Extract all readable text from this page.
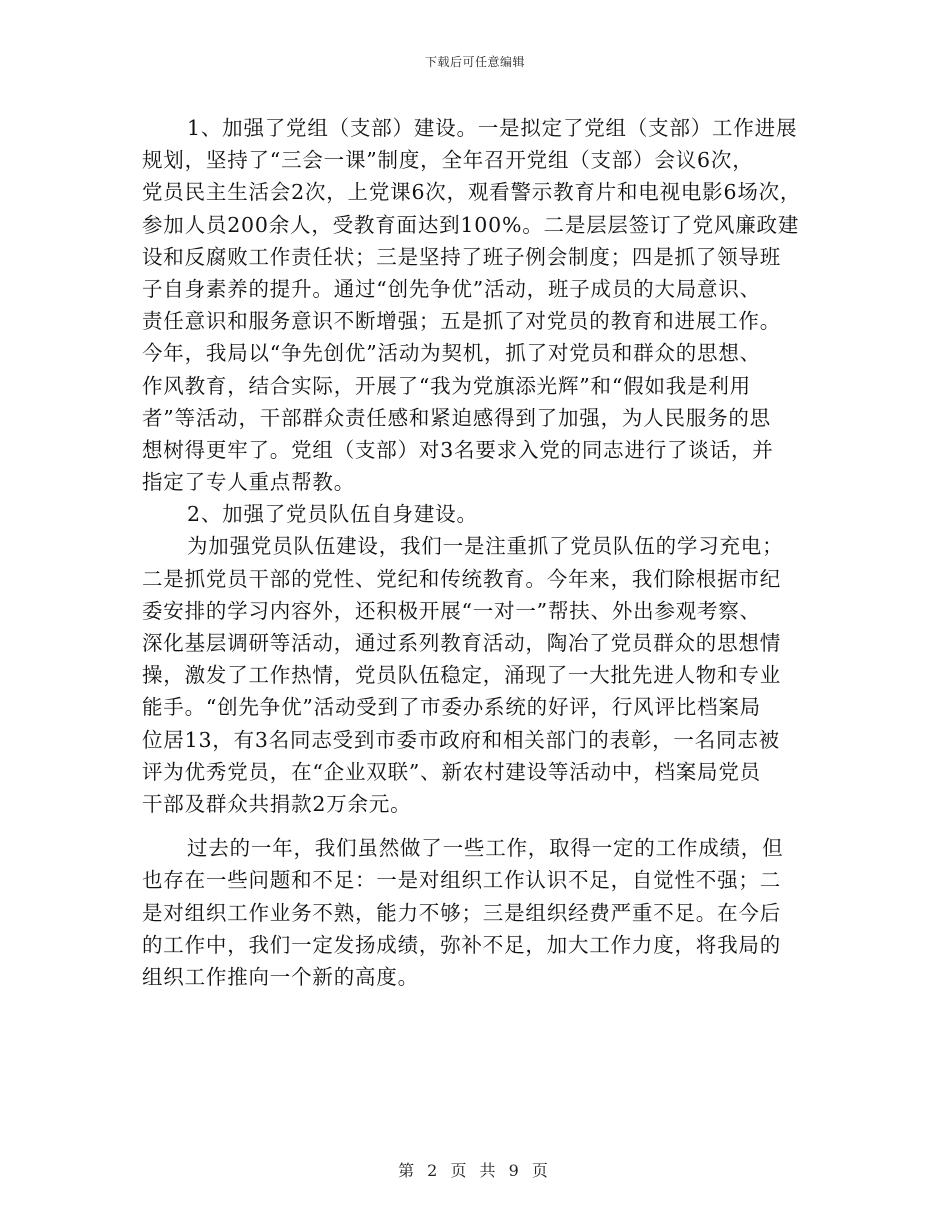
下载后可任意编辑
1、加强了党组（支部）建设。一是拟定了党组（支部）工作进展
规划，坚持了“三会一课”制度，全年召开党组（支部）会议6次，
党员民主生活会2次，上党课6次，观看警示教育片和电视电影6场次，
参加人员200余人，受教育面达到100%。二是层层签订了党风廉政建
设和反腐败工作责任状；三是坚持了班子例会制度；四是抓了领导班
子自身素养的提升。通过“创先争优”活动，班子成员的大局意识、
责任意识和服务意识不断增强；五是抓了对党员的教育和进展工作。
今年，我局以“争先创优”活动为契机，抓了对党员和群众的思想、
作风教育，结合实际，开展了“我为党旗添光辉”和“假如我是利用
者”等活动，干部群众责任感和紧迫感得到了加强，为人民服务的思
想树得更牢了。党组（支部）对3名要求入党的同志进行了谈话，并
指定了专人重点帮教。
2、加强了党员队伍自身建设。
为加强党员队伍建设，我们一是注重抓了党员队伍的学习充电；
二是抓党员干部的党性、党纪和传统教育。今年来，我们除根据市纪
委安排的学习内容外，还积极开展“一对一”帮扶、外出参观考察、
深化基层调研等活动，通过系列教育活动，陶冶了党员群众的思想情
操，激发了工作热情，党员队伍稳定，涌现了一大批先进人物和专业
能手。“创先争优”活动受到了市委办系统的好评，行风评比档案局
位居13，有3名同志受到市委市政府和相关部门的表彰，一名同志被
评为优秀党员，在“企业双联”、新农村建设等活动中，档案局党员
干部及群众共捐款2万余元。
过去的一年，我们虽然做了一些工作，取得一定的工作成绩，但
也存在一些问题和不足：一是对组织工作认识不足，自觉性不强；二
是对组织工作业务不熟，能力不够；三是组织经费严重不足。在今后
的工作中，我们一定发扬成绩，弥补不足，加大工作力度，将我局的
组织工作推向一个新的高度。
第 2 页 共 9 页
